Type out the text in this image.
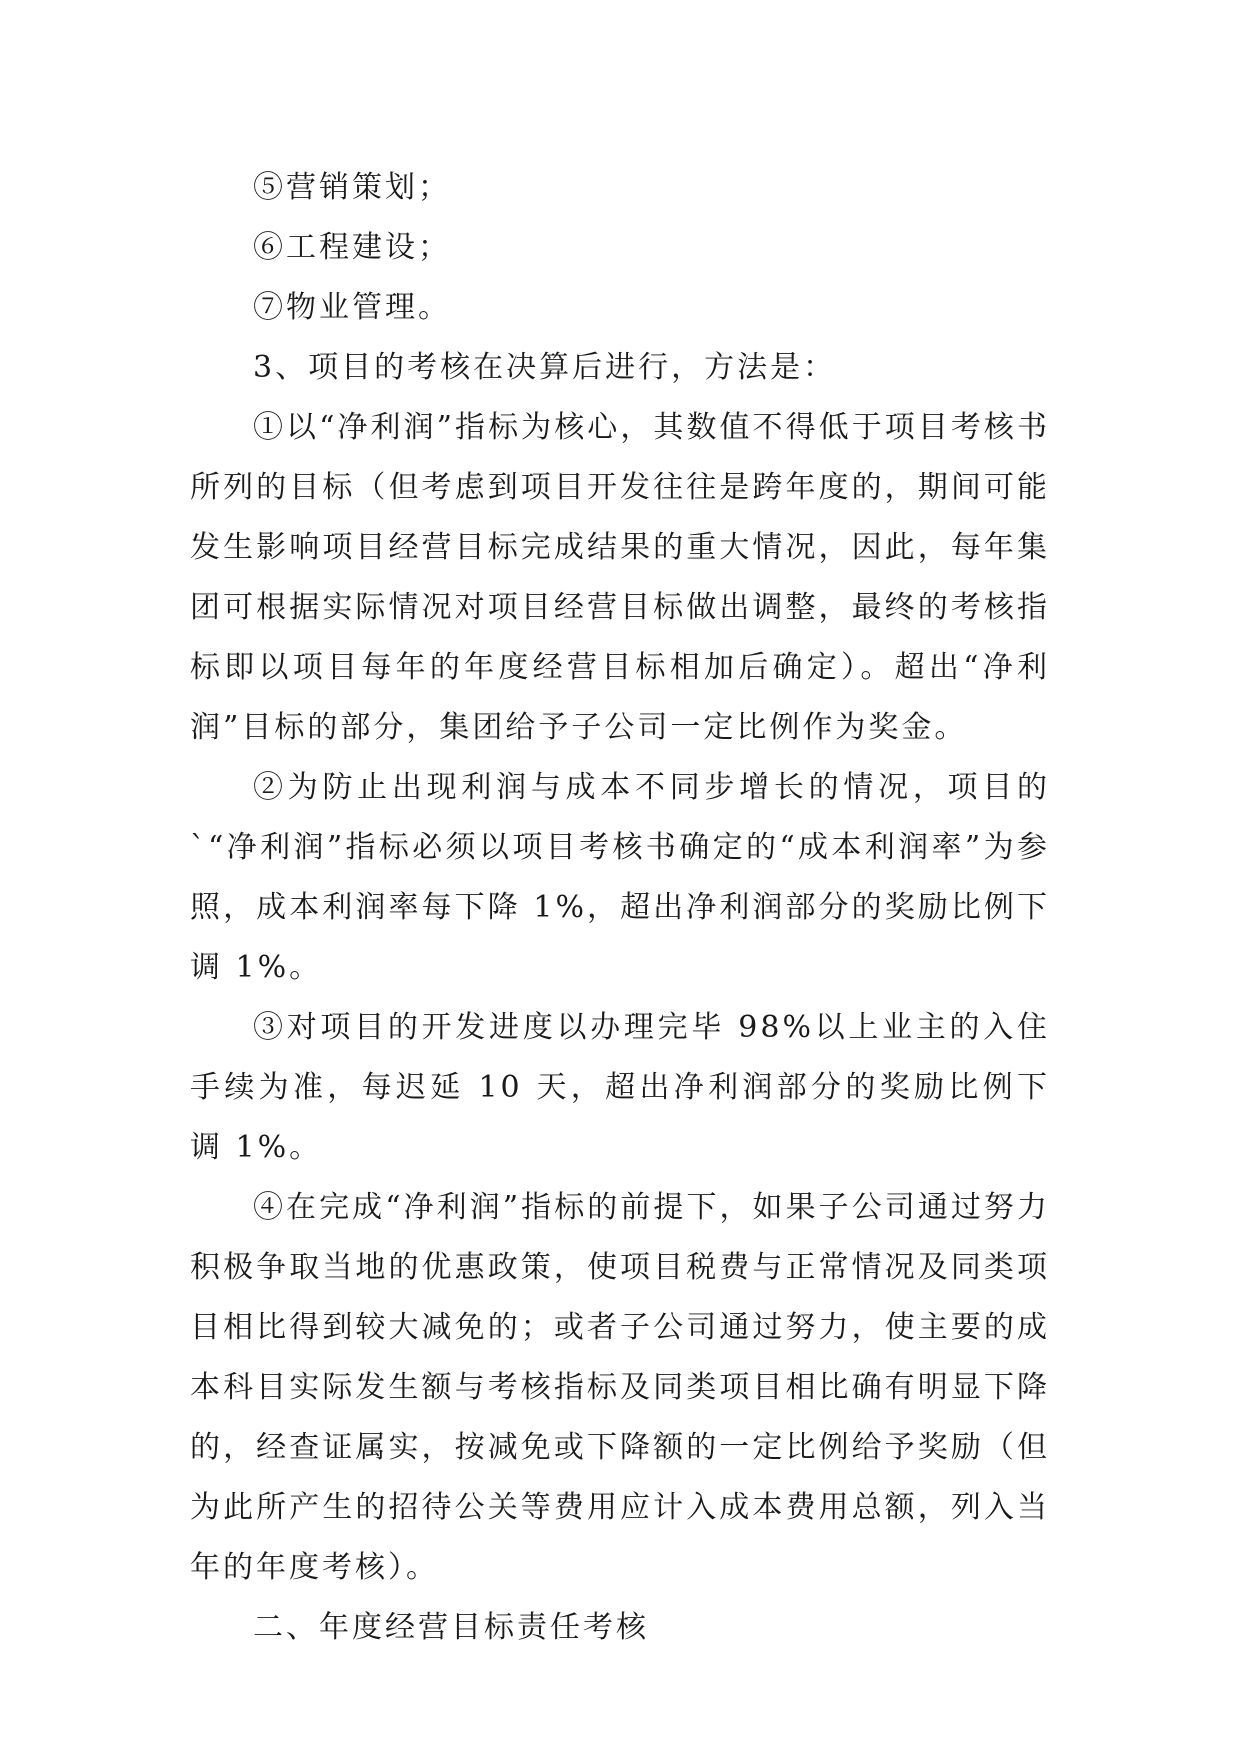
⑤营销策划；

⑥工程建设；

⑦物业管理。

3、项目的考核在决算后进行，方法是：

①以“净利润”指标为核心，其数值不得低于项目考核书所列的目标（但考虑到项目开发往往是跨年度的，期间可能发生影响项目经营目标完成结果的重大情况，因此，每年集团可根据实际情况对项目经营目标做出调整，最终的考核指标即以项目每年的年度经营目标相加后确定）。超出“净利润”目标的部分，集团给予子公司一定比例作为奖金。

②为防止出现利润与成本不同步增长的情况，项目的`“净利润”指标必须以项目考核书确定的“成本利润率”为参照，成本利润率每下降 1%，超出净利润部分的奖励比例下调 1%。

③对项目的开发进度以办理完毕 98%以上业主的入住手续为准，每迟延 10 天，超出净利润部分的奖励比例下调 1%。

④在完成“净利润”指标的前提下，如果子公司通过努力积极争取当地的优惠政策，使项目税费与正常情况及同类项目相比得到较大减免的；或者子公司通过努力，使主要的成本科目实际发生额与考核指标及同类项目相比确有明显下降的，经查证属实，按减免或下降额的一定比例给予奖励（但为此所产生的招待公关等费用应计入成本费用总额，列入当年的年度考核）。

二、年度经营目标责任考核
